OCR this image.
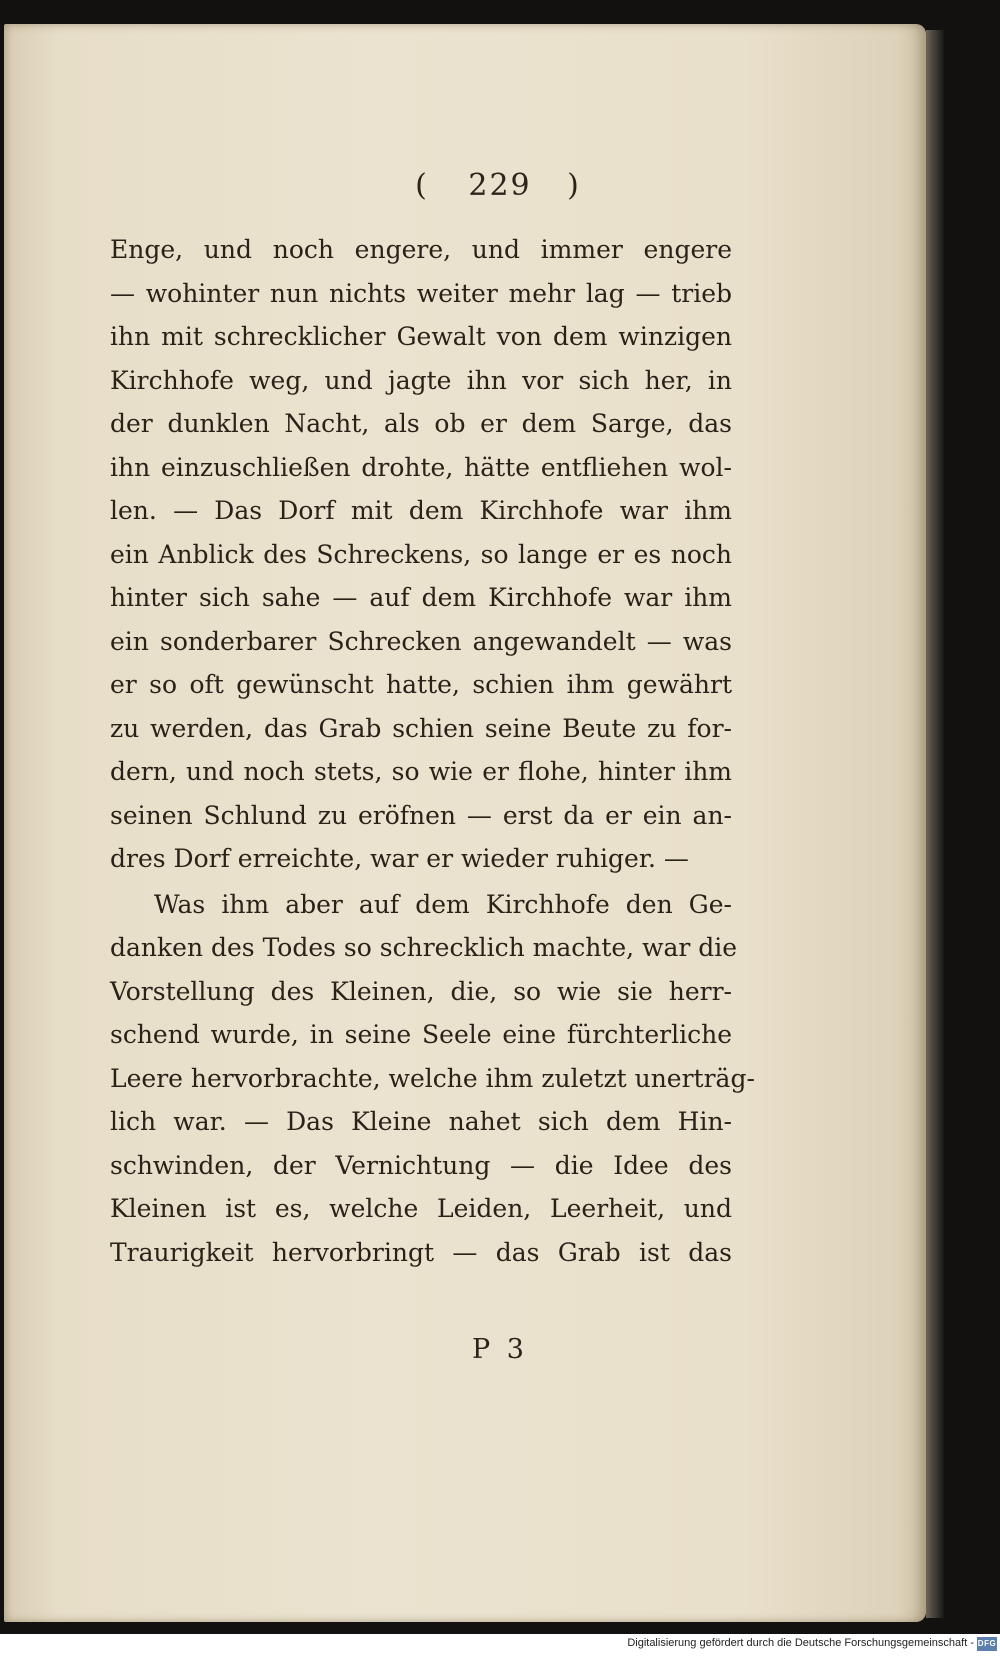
( 229 )
Enge, und noch engere, und immer engere
— wohinter nun nichts weiter mehr lag — trieb
ihn mit schrecklicher Gewalt von dem winzigen
Kirchhofe weg, und jagte ihn vor sich her, in
der dunklen Nacht, als ob er dem Sarge, das
ihn einzuschließen drohte, hätte entfliehen wol-
len. — Das Dorf mit dem Kirchhofe war ihm
ein Anblick des Schreckens, so lange er es noch
hinter sich sahe — auf dem Kirchhofe war ihm
ein sonderbarer Schrecken angewandelt — was
er so oft gewünscht hatte, schien ihm gewährt
zu werden, das Grab schien seine Beute zu for-
dern, und noch stets, so wie er flohe, hinter ihm
seinen Schlund zu eröfnen — erst da er ein an-
dres Dorf erreichte, war er wieder ruhiger. —
Was ihm aber auf dem Kirchhofe den Ge-
danken des Todes so schrecklich machte, war die
Vorstellung des Kleinen, die, so wie sie herr-
schend wurde, in seine Seele eine fürchterliche
Leere hervorbrachte, welche ihm zuletzt unerträg-
lich war. — Das Kleine nahet sich dem Hin-
schwinden, der Vernichtung — die Idee des
Kleinen ist es, welche Leiden, Leerheit, und
Traurigkeit hervorbringt — das Grab ist das
P 3
Digitalisierung gefördert durch die Deutsche Forschungsgemeinschaft - DFG
